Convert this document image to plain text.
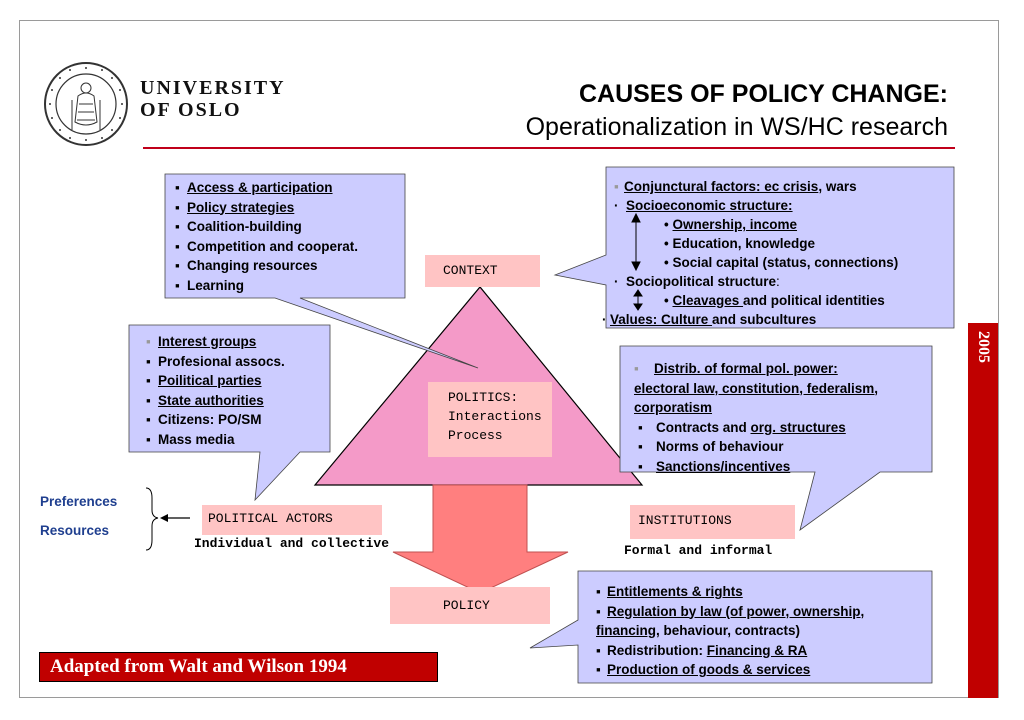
UNIVERSITY
OF OSLO
CAUSES OF POLICY CHANGE:
Operationalization in WS/HC research
▪ Access & participation
▪ Policy strategies
▪ Coalition-building
▪ Competition and cooperat.
▪ Changing resources
▪ Learning
▪ Interest groups
▪ Profesional assocs.
▪ Poilitical parties
▪ State authorities
▪ Citizens: PO/SM
▪ Mass media
▪ Conjunctural factors: ec crisis, wars
· Socioeconomic structure:
• Ownership, income
• Education, knowledge
• Social capital (status, connections)
· Sociopolitical structure:
• Cleavages and political identities
· Values: Culture and subcultures
▪ Distrib. of formal pol. power:
electoral law, constitution, federalism,
corporatism
▪ Contracts and org. structures
▪ Norms of behaviour
▪ Sanctions/incentives
▪ Entitlements & rights
▪ Regulation by law (of power, ownership,
financing, behaviour, contracts)
▪ Redistribution: Financing & RA
▪ Production of goods & services
CONTEXT
POLITICS:
Interactions
Process
POLITICAL ACTORS
Individual and collective
INSTITUTIONS
Formal and informal
POLICY
Preferences
Resources
2005
Adapted from Walt and Wilson 1994
